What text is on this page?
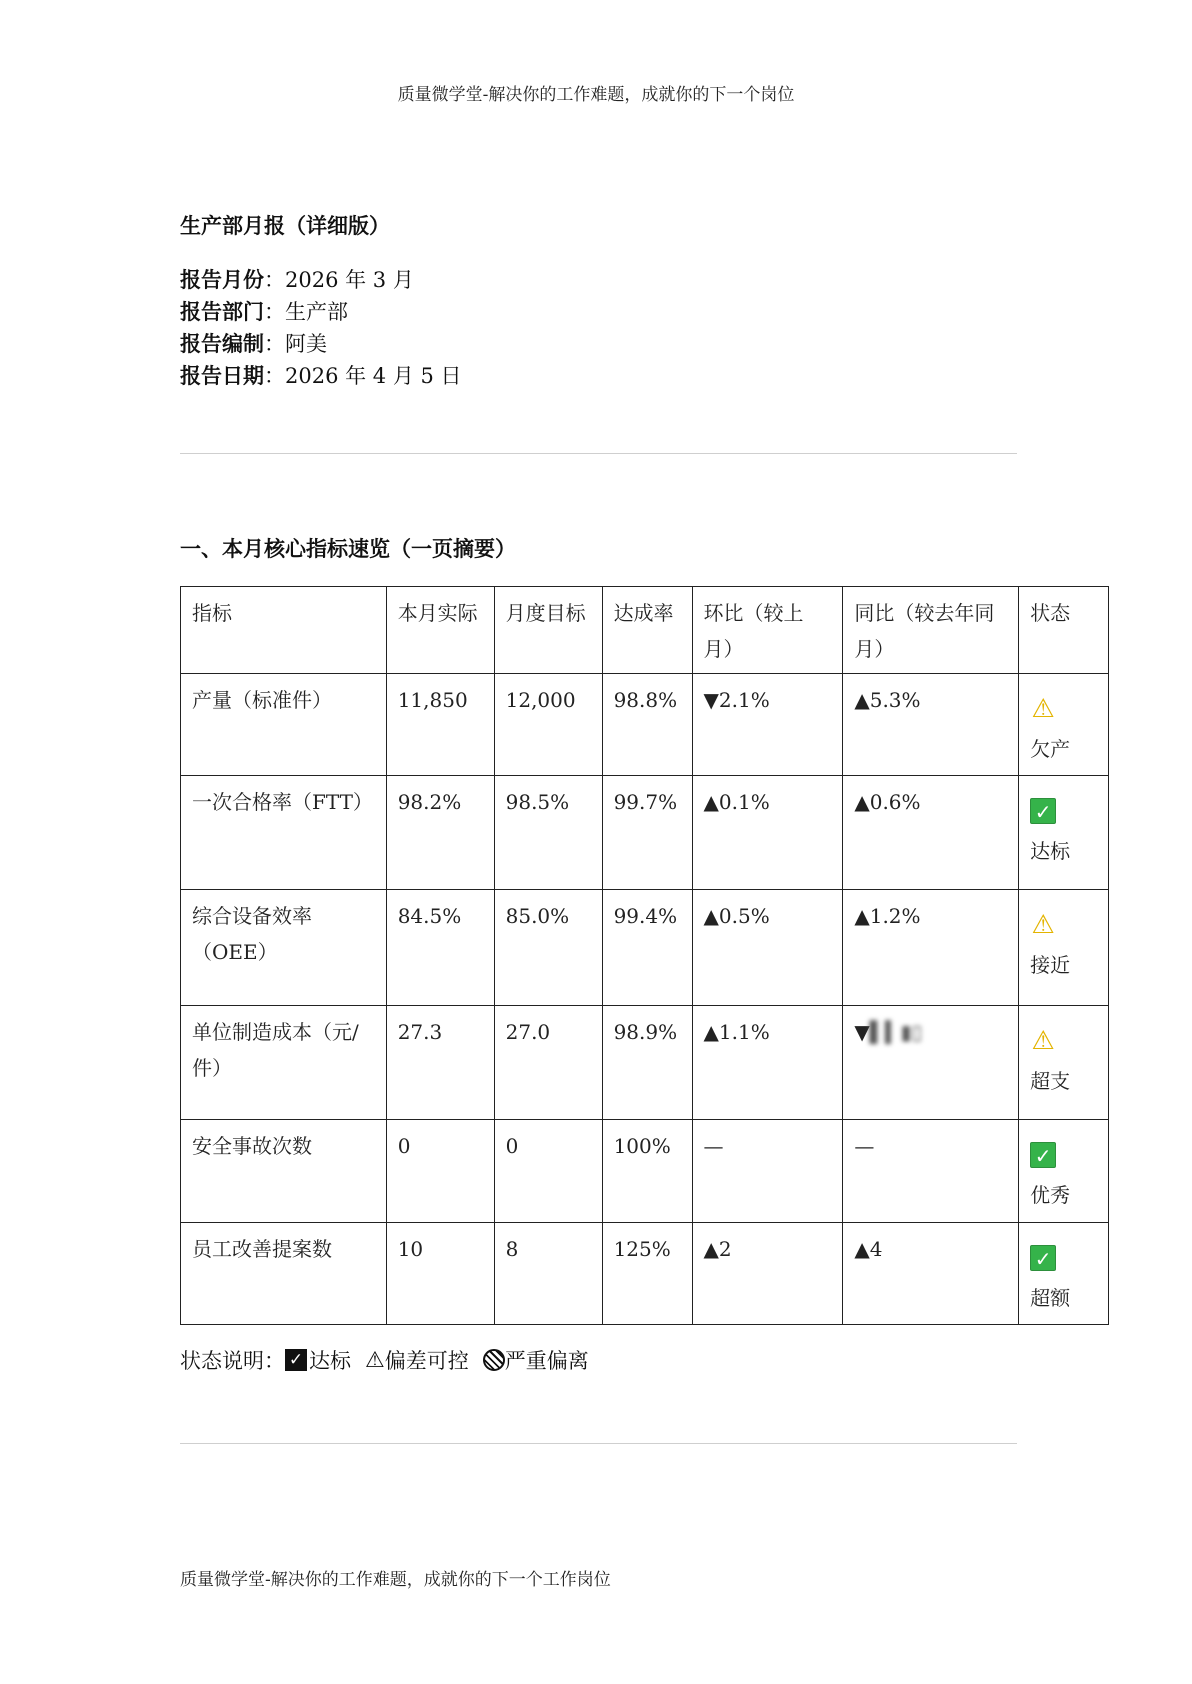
质量微学堂-解决你的工作难题，成就你的下一个岗位
生产部月报（详细版）
报告月份：2026 年 3 月
报告部门：生产部
报告编制：阿美
报告日期：2026 年 4 月 5 日
一、本月核心指标速览（一页摘要）
指标	本月实际	月度目标	达成率	环比（较上月）	同比（较去年同月）	状态
产量（标准件）	11,850	12,000	98.8%	▼2.1%	▲5.3%	⚠
欠产

一次合格率（FTT）	98.2%	98.5%	99.7%	▲0.1%	▲0.6%	✓
达标

综合设备效率（OEE）	84.5%	85.0%	99.4%	▲0.5%	▲1.2%	⚠
接近

单位制造成本（元/件）	27.3	27.0	98.9%	▲1.1%	▼▌▍▮▯	⚠
超支

安全事故次数	0	0	100%	—	—	✓
优秀

员工改善提案数	10	8	125%	▲2	▲4	✓
超额
状态说明： ✓ 达标 ⚠偏差可控 严重偏离
质量微学堂-解决你的工作难题，成就你的下一个工作岗位
